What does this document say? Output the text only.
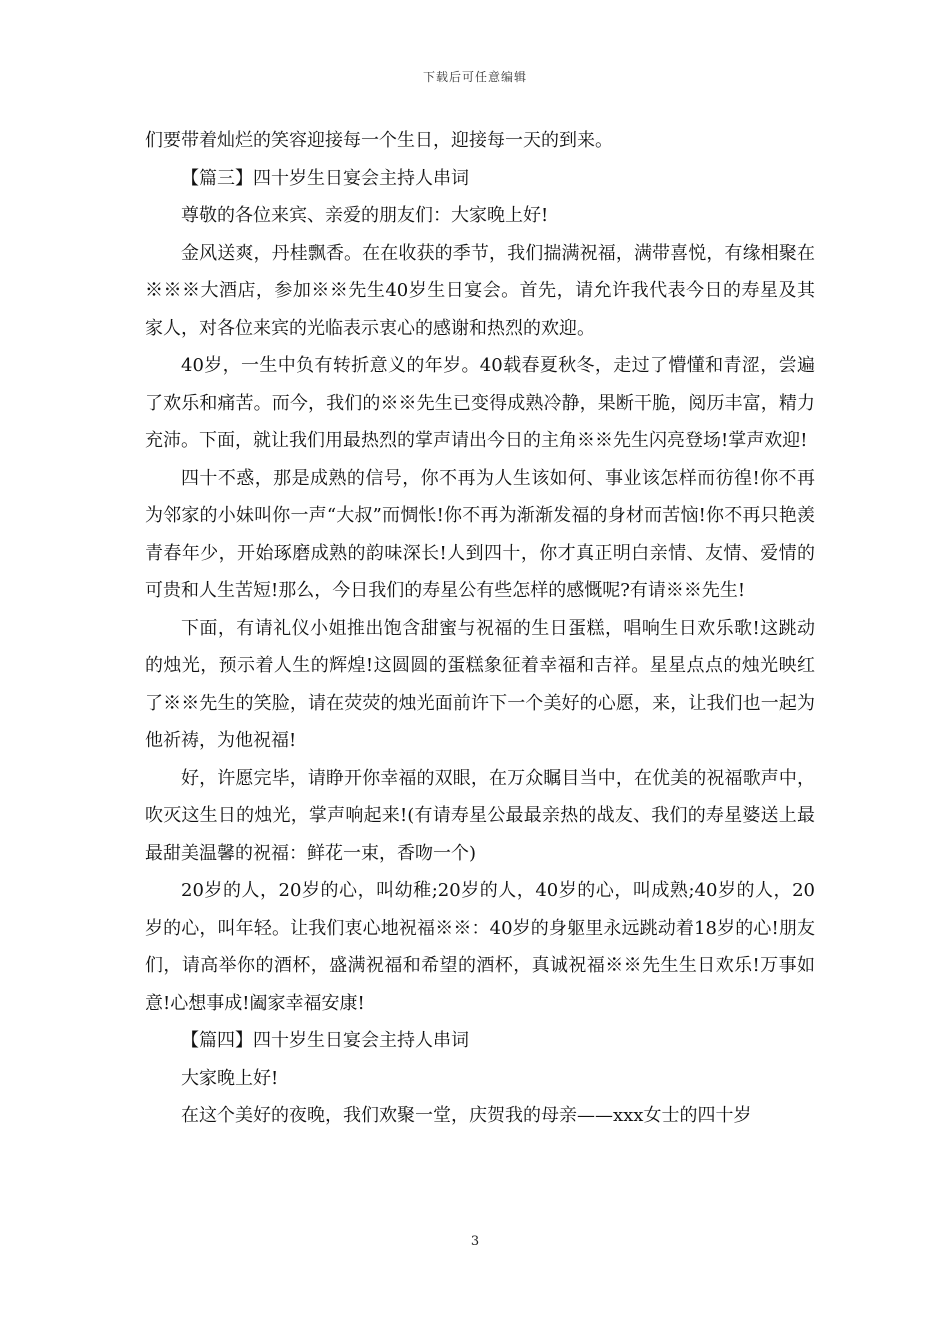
下载后可任意编辑

们要带着灿烂的笑容迎接每一个生日，迎接每一天的到来。

【篇三】四十岁生日宴会主持人串词

尊敬的各位来宾、亲爱的朋友们：大家晚上好!

金风送爽，丹桂飘香。在在收获的季节，我们揣满祝福，满带喜悦，有缘相聚在※※※大酒店，参加※※先生40岁生日宴会。首先，请允许我代表今日的寿星及其家人，对各位来宾的光临表示衷心的感谢和热烈的欢迎。

40岁，一生中负有转折意义的年岁。40载春夏秋冬，走过了懵懂和青涩，尝遍了欢乐和痛苦。而今，我们的※※先生已变得成熟冷静，果断干脆，阅历丰富，精力充沛。下面，就让我们用最热烈的掌声请出今日的主角※※先生闪亮登场!掌声欢迎!

四十不惑，那是成熟的信号，你不再为人生该如何、事业该怎样而彷徨!你不再为邻家的小妹叫你一声“大叔”而惆怅!你不再为渐渐发福的身材而苦恼!你不再只艳羡青春年少，开始琢磨成熟的韵味深长!人到四十，你才真正明白亲情、友情、爱情的可贵和人生苦短!那么，今日我们的寿星公有些怎样的感慨呢?有请※※先生!

下面，有请礼仪小姐推出饱含甜蜜与祝福的生日蛋糕，唱响生日欢乐歌!这跳动的烛光，预示着人生的辉煌!这圆圆的蛋糕象征着幸福和吉祥。星星点点的烛光映红了※※先生的笑脸，请在荧荧的烛光面前许下一个美好的心愿，来，让我们也一起为他祈祷，为他祝福!

好，许愿完毕，请睁开你幸福的双眼，在万众瞩目当中，在优美的祝福歌声中，吹灭这生日的烛光，掌声响起来!(有请寿星公最最亲热的战友、我们的寿星婆送上最最甜美温馨的祝福：鲜花一束，香吻一个)

20岁的人，20岁的心，叫幼稚;20岁的人，40岁的心，叫成熟;40岁的人，20岁的心，叫年轻。让我们衷心地祝福※※：40岁的身躯里永远跳动着18岁的心!朋友们，请高举你的酒杯，盛满祝福和希望的酒杯，真诚祝福※※先生生日欢乐!万事如意!心想事成!阖家幸福安康!

【篇四】四十岁生日宴会主持人串词

大家晚上好!

在这个美好的夜晚，我们欢聚一堂，庆贺我的母亲——xxx女士的四十岁

3
